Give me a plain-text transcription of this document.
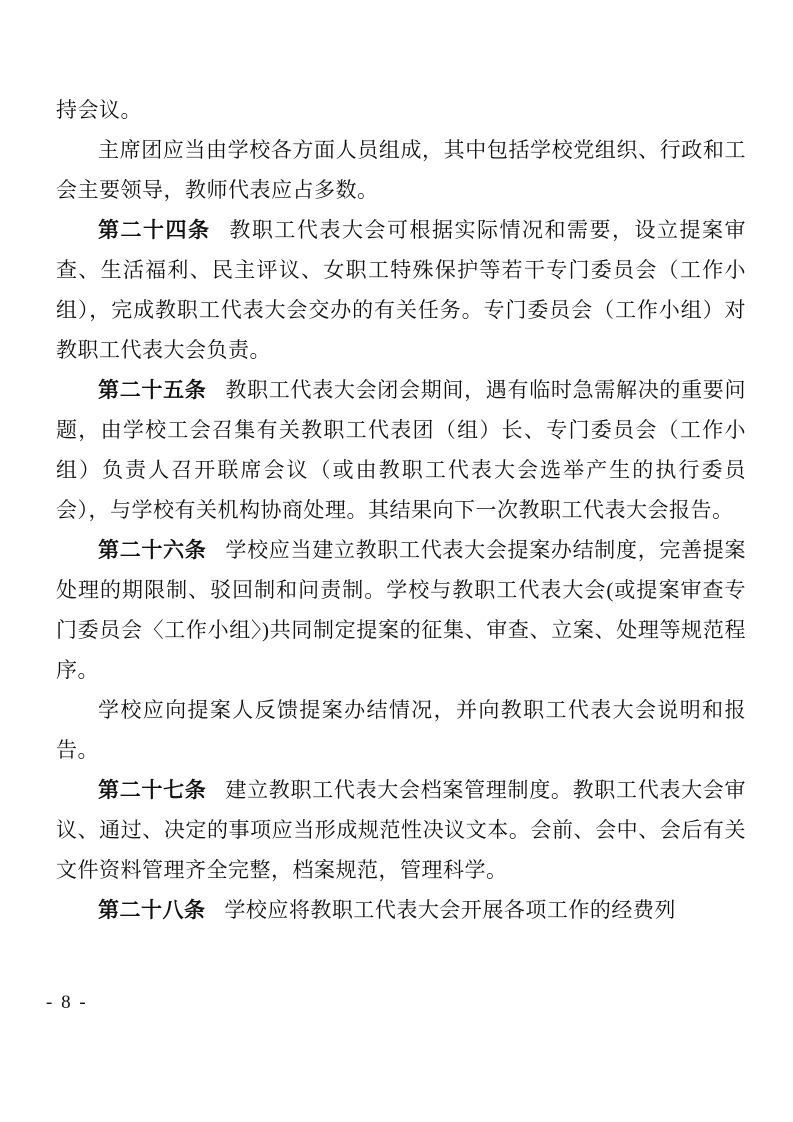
持会议。

主席团应当由学校各方面人员组成，其中包括学校党组织、行政和工会主要领导，教师代表应占多数。

第二十四条 教职工代表大会可根据实际情况和需要，设立提案审查、生活福利、民主评议、女职工特殊保护等若干专门委员会（工作小组），完成教职工代表大会交办的有关任务。专门委员会（工作小组）对教职工代表大会负责。

第二十五条 教职工代表大会闭会期间，遇有临时急需解决的重要问题，由学校工会召集有关教职工代表团（组）长、专门委员会（工作小组）负责人召开联席会议（或由教职工代表大会选举产生的执行委员会），与学校有关机构协商处理。其结果向下一次教职工代表大会报告。

第二十六条 学校应当建立教职工代表大会提案办结制度，完善提案处理的期限制、驳回制和问责制。学校与教职工代表大会(或提案审查专门委员会〈工作小组〉)共同制定提案的征集、审查、立案、处理等规范程序。

学校应向提案人反馈提案办结情况，并向教职工代表大会说明和报告。

第二十七条 建立教职工代表大会档案管理制度。教职工代表大会审议、通过、决定的事项应当形成规范性决议文本。会前、会中、会后有关文件资料管理齐全完整，档案规范，管理科学。

第二十八条 学校应将教职工代表大会开展各项工作的经费列

- 8 -
